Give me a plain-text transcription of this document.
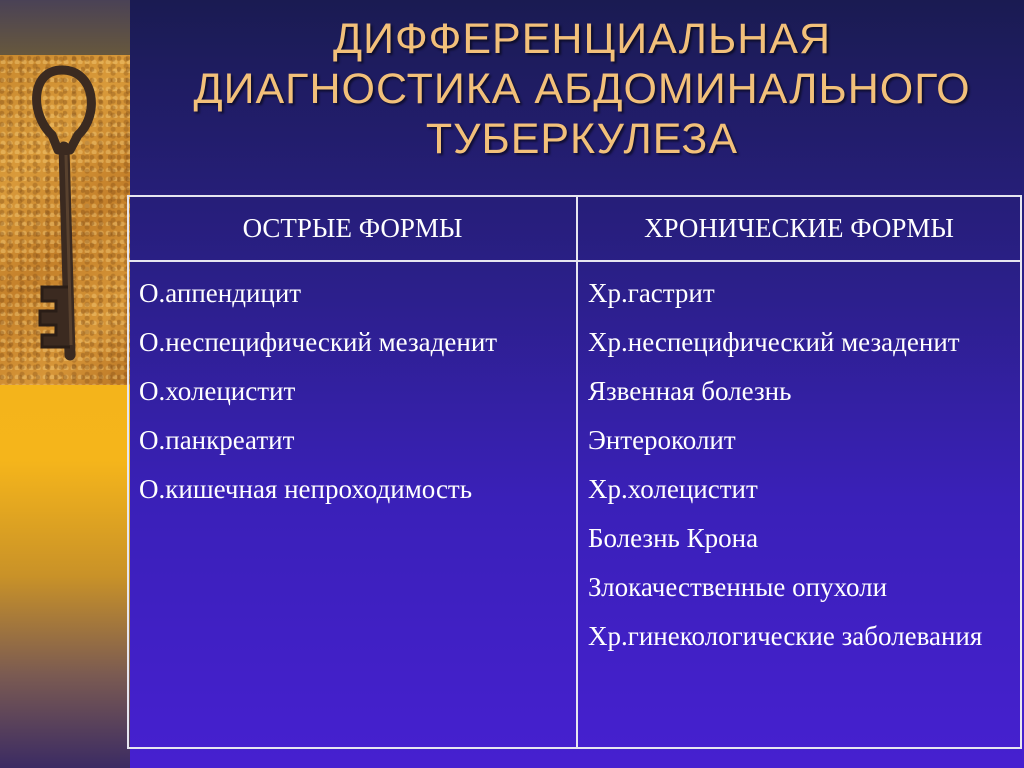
ДИФФЕРЕНЦИАЛЬНАЯ
ДИАГНОСТИКА АБДОМИНАЛЬНОГО
ТУБЕРКУЛЕЗА
ОСТРЫЕ ФОРМЫ	ХРОНИЧЕСКИЕ ФОРМЫ
О.аппендицит
О.неспецифический мезаденит
О.холецистит
О.панкреатит
О.кишечная непроходимость
Хр.гастрит
Хр.неспецифический мезаденит
Язвенная болезнь
Энтероколит
Хр.холецистит
Болезнь Крона
Злокачественные опухоли
Хр.гинекологические заболевания
